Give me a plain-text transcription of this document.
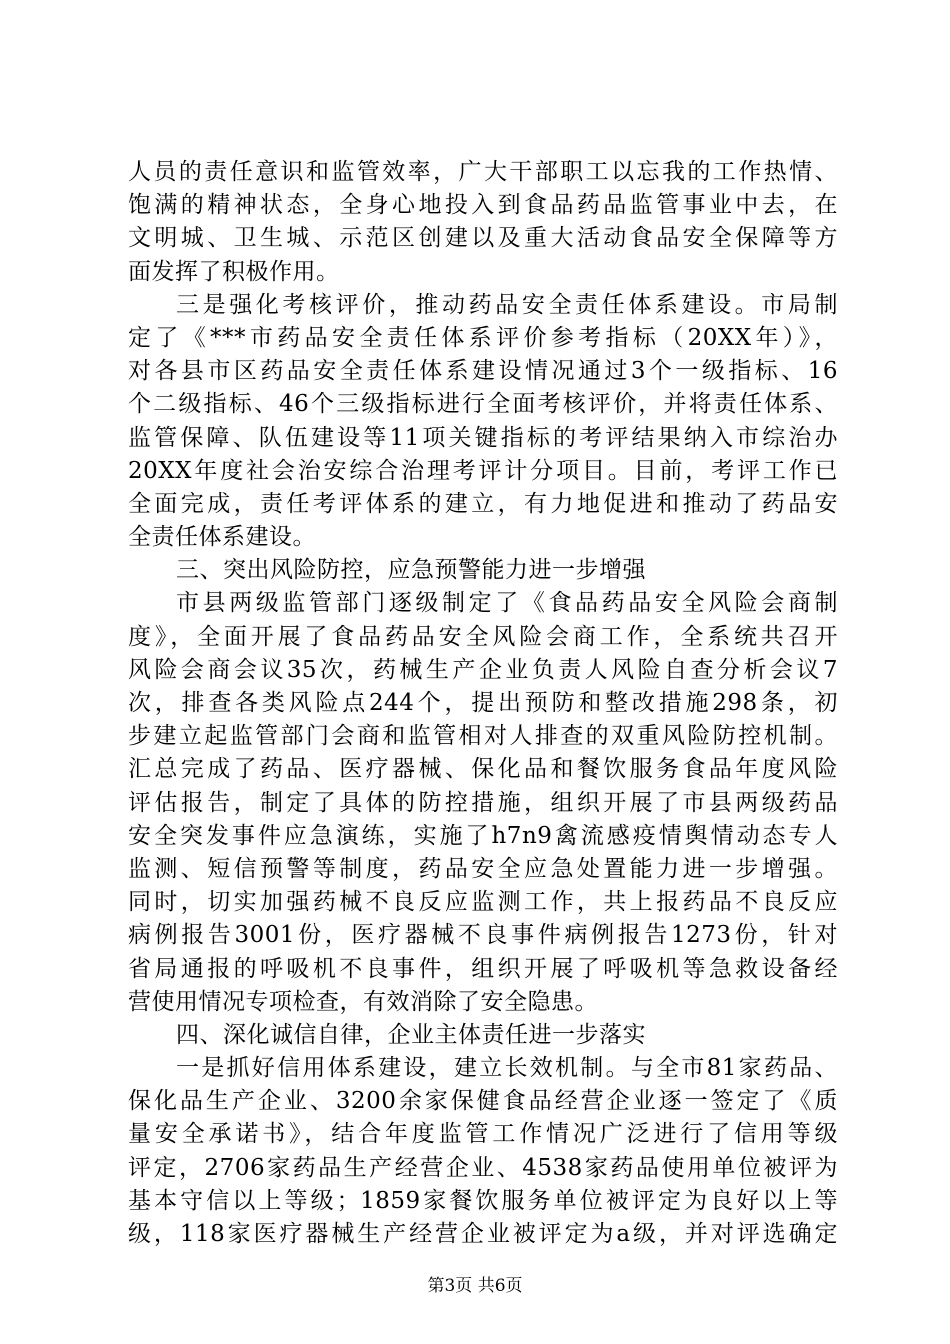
人员的责任意识和监管效率，广大干部职工以忘我的工作热情、
饱满的精神状态，全身心地投入到食品药品监管事业中去，在
文明城、卫生城、示范区创建以及重大活动食品安全保障等方
面发挥了积极作用。
三是强化考核评价，推动药品安全责任体系建设。市局制
定了《***市药品安全责任体系评价参考指标（20XX年）》，
对各县市区药品安全责任体系建设情况通过3个一级指标、16
个二级指标、46个三级指标进行全面考核评价，并将责任体系、
监管保障、队伍建设等11项关键指标的考评结果纳入市综治办
20XX年度社会治安综合治理考评计分项目。目前，考评工作已
全面完成，责任考评体系的建立，有力地促进和推动了药品安
全责任体系建设。
三、突出风险防控，应急预警能力进一步增强
市县两级监管部门逐级制定了《食品药品安全风险会商制
度》，全面开展了食品药品安全风险会商工作，全系统共召开
风险会商会议35次，药械生产企业负责人风险自查分析会议7
次，排查各类风险点244个，提出预防和整改措施298条，初
步建立起监管部门会商和监管相对人排查的双重风险防控机制。
汇总完成了药品、医疗器械、保化品和餐饮服务食品年度风险
评估报告，制定了具体的防控措施，组织开展了市县两级药品
安全突发事件应急演练，实施了h7n9禽流感疫情舆情动态专人
监测、短信预警等制度，药品安全应急处置能力进一步增强。
同时，切实加强药械不良反应监测工作，共上报药品不良反应
病例报告3001份，医疗器械不良事件病例报告1273份，针对
省局通报的呼吸机不良事件，组织开展了呼吸机等急救设备经
营使用情况专项检查，有效消除了安全隐患。
四、深化诚信自律，企业主体责任进一步落实
一是抓好信用体系建设，建立长效机制。与全市81家药品、
保化品生产企业、3200余家保健食品经营企业逐一签定了《质
量安全承诺书》，结合年度监管工作情况广泛进行了信用等级
评定，2706家药品生产经营企业、4538家药品使用单位被评为
基本守信以上等级；1859家餐饮服务单位被评定为良好以上等
级，118家医疗器械生产经营企业被评定为a级，并对评选确定
第3页 共6页
